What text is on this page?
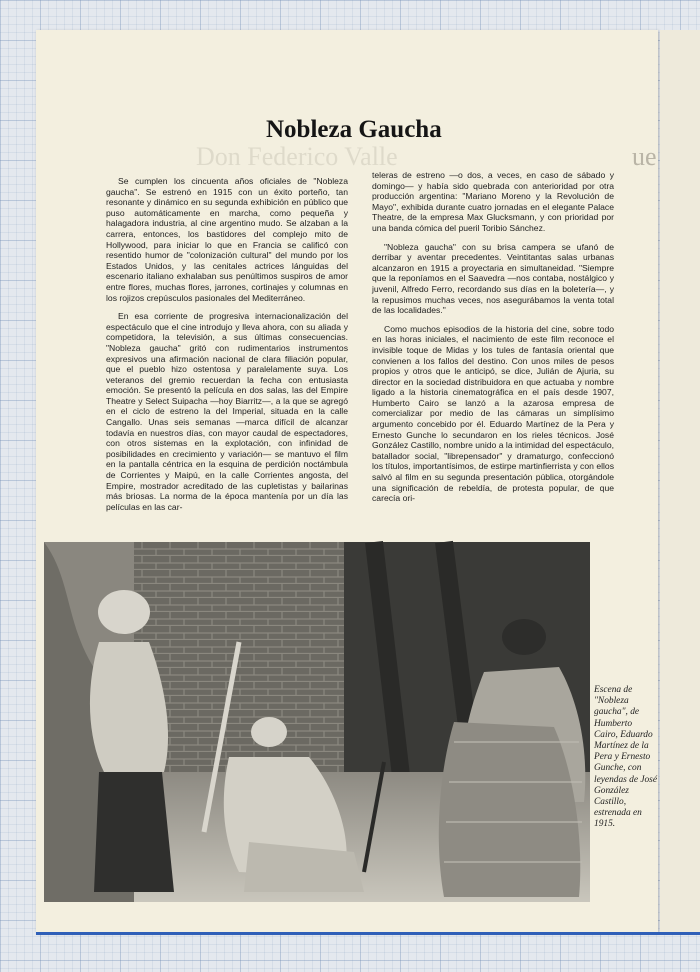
Don Federico Valle
Nobleza Gaucha

Se cumplen los cincuenta años oficiales de "Nobleza gaucha". Se estrenó en 1915 con un éxito porteño, tan resonante y dinámico en su segunda exhibición en público que puso automáticamente en marcha, como pequeña y halagadora industria, al cine argentino mudo. Se alzaban a la carrera, entonces, los bastidores del complejo mito de Hollywood, para iniciar lo que en Francia se calificó con resentido humor de "colonización cultural" del mundo por los Estados Unidos, y las cenitales actrices lánguidas del escenario italiano exhalaban sus penúltimos suspiros de amor entre flores, muchas flores, jarrones, cortinajes y columnas en los rojizos crepúsculos pasionales del Mediterráneo.

En esa corriente de progresiva internacionalización del espectáculo que el cine introdujo y lleva ahora, con su aliada y competidora, la televisión, a sus últimas consecuencias. "Nobleza gaucha" gritó con rudimentarios instrumentos expresivos una afirmación nacional de clara filiación popular, que el pueblo hizo ostentosa y paralelamente suya. Los veteranos del gremio recuerdan la fecha con entusiasta emoción. Se presentó la película en dos salas, las del Empire Theatre y Select Suipacha —hoy Biarritz—, a la que se agregó en el ciclo de estreno la del Imperial, situada en la calle Cangallo. Unas seis semanas —marca difícil de alcanzar todavía en nuestros días, con mayor caudal de espectadores, con otros sistemas en la explotación, con infinidad de posibilidades en crecimiento y variación— se mantuvo el film en la pantalla céntrica en la esquina de perdición noctámbula de Corrientes y Maipú, en la calle Corrientes angosta, del Empire, mostrador acreditado de las cupletistas y bailarinas más briosas. La norma de la época mantenía por un día las películas en las car-

teleras de estreno —o dos, a veces, en caso de sábado y domingo— y había sido quebrada con anterioridad por otra producción argentina: "Mariano Moreno y la Revolución de Mayo", exhibida durante cuatro jornadas en el elegante Palace Theatre, de la empresa Max Glucksmann, y con prioridad por una banda cómica del pueril Toribio Sánchez.

"Nobleza gaucha" con su brisa campera se ufanó de derribar y aventar precedentes. Veintitantas salas urbanas alcanzaron en 1915 a proyectaria en simultaneidad. "Siempre que la reponíamos en el Saavedra —nos contaba, nostálgico y juvenil, Alfredo Ferro, recordando sus días en la boletería—, y la repusimos muchas veces, nos asegurábamos la venta total de las localidades."

Como muchos episodios de la historia del cine, sobre todo en las horas iniciales, el nacimiento de este film reconoce el invisible toque de Midas y los tules de fantasía oriental que convienen a los fallos del destino. Con unos miles de pesos propios y otros que le anticipó, se dice, Julián de Ajuria, su director en la sociedad distribuidora en que actuaba y nombre ligado a la historia cinematográfica en el país desde 1907, Humberto Cairo se lanzó a la azarosa empresa de comercializar por medio de las cámaras un simplísimo argumento concebido por él. Eduardo Martínez de la Pera y Ernesto Gunche lo secundaron en los rieles técnicos. José González Castillo, nombre unido a la intimidad del espectáculo, batallador social, "librepensador" y dramaturgo, confeccionó los títulos, importantísimos, de estirpe martinfierrista y con ellos salvó al film en su segunda presentación pública, otorgándole una significación de rebeldía, de protesta popular, de que carecía ori-

Escena de "Nobleza gaucha", de Humberto Cairo, Eduardo Martínez de la Pera y Ernesto Gunche, con leyendas de José González Castillo, estrenada en 1915.

ue
